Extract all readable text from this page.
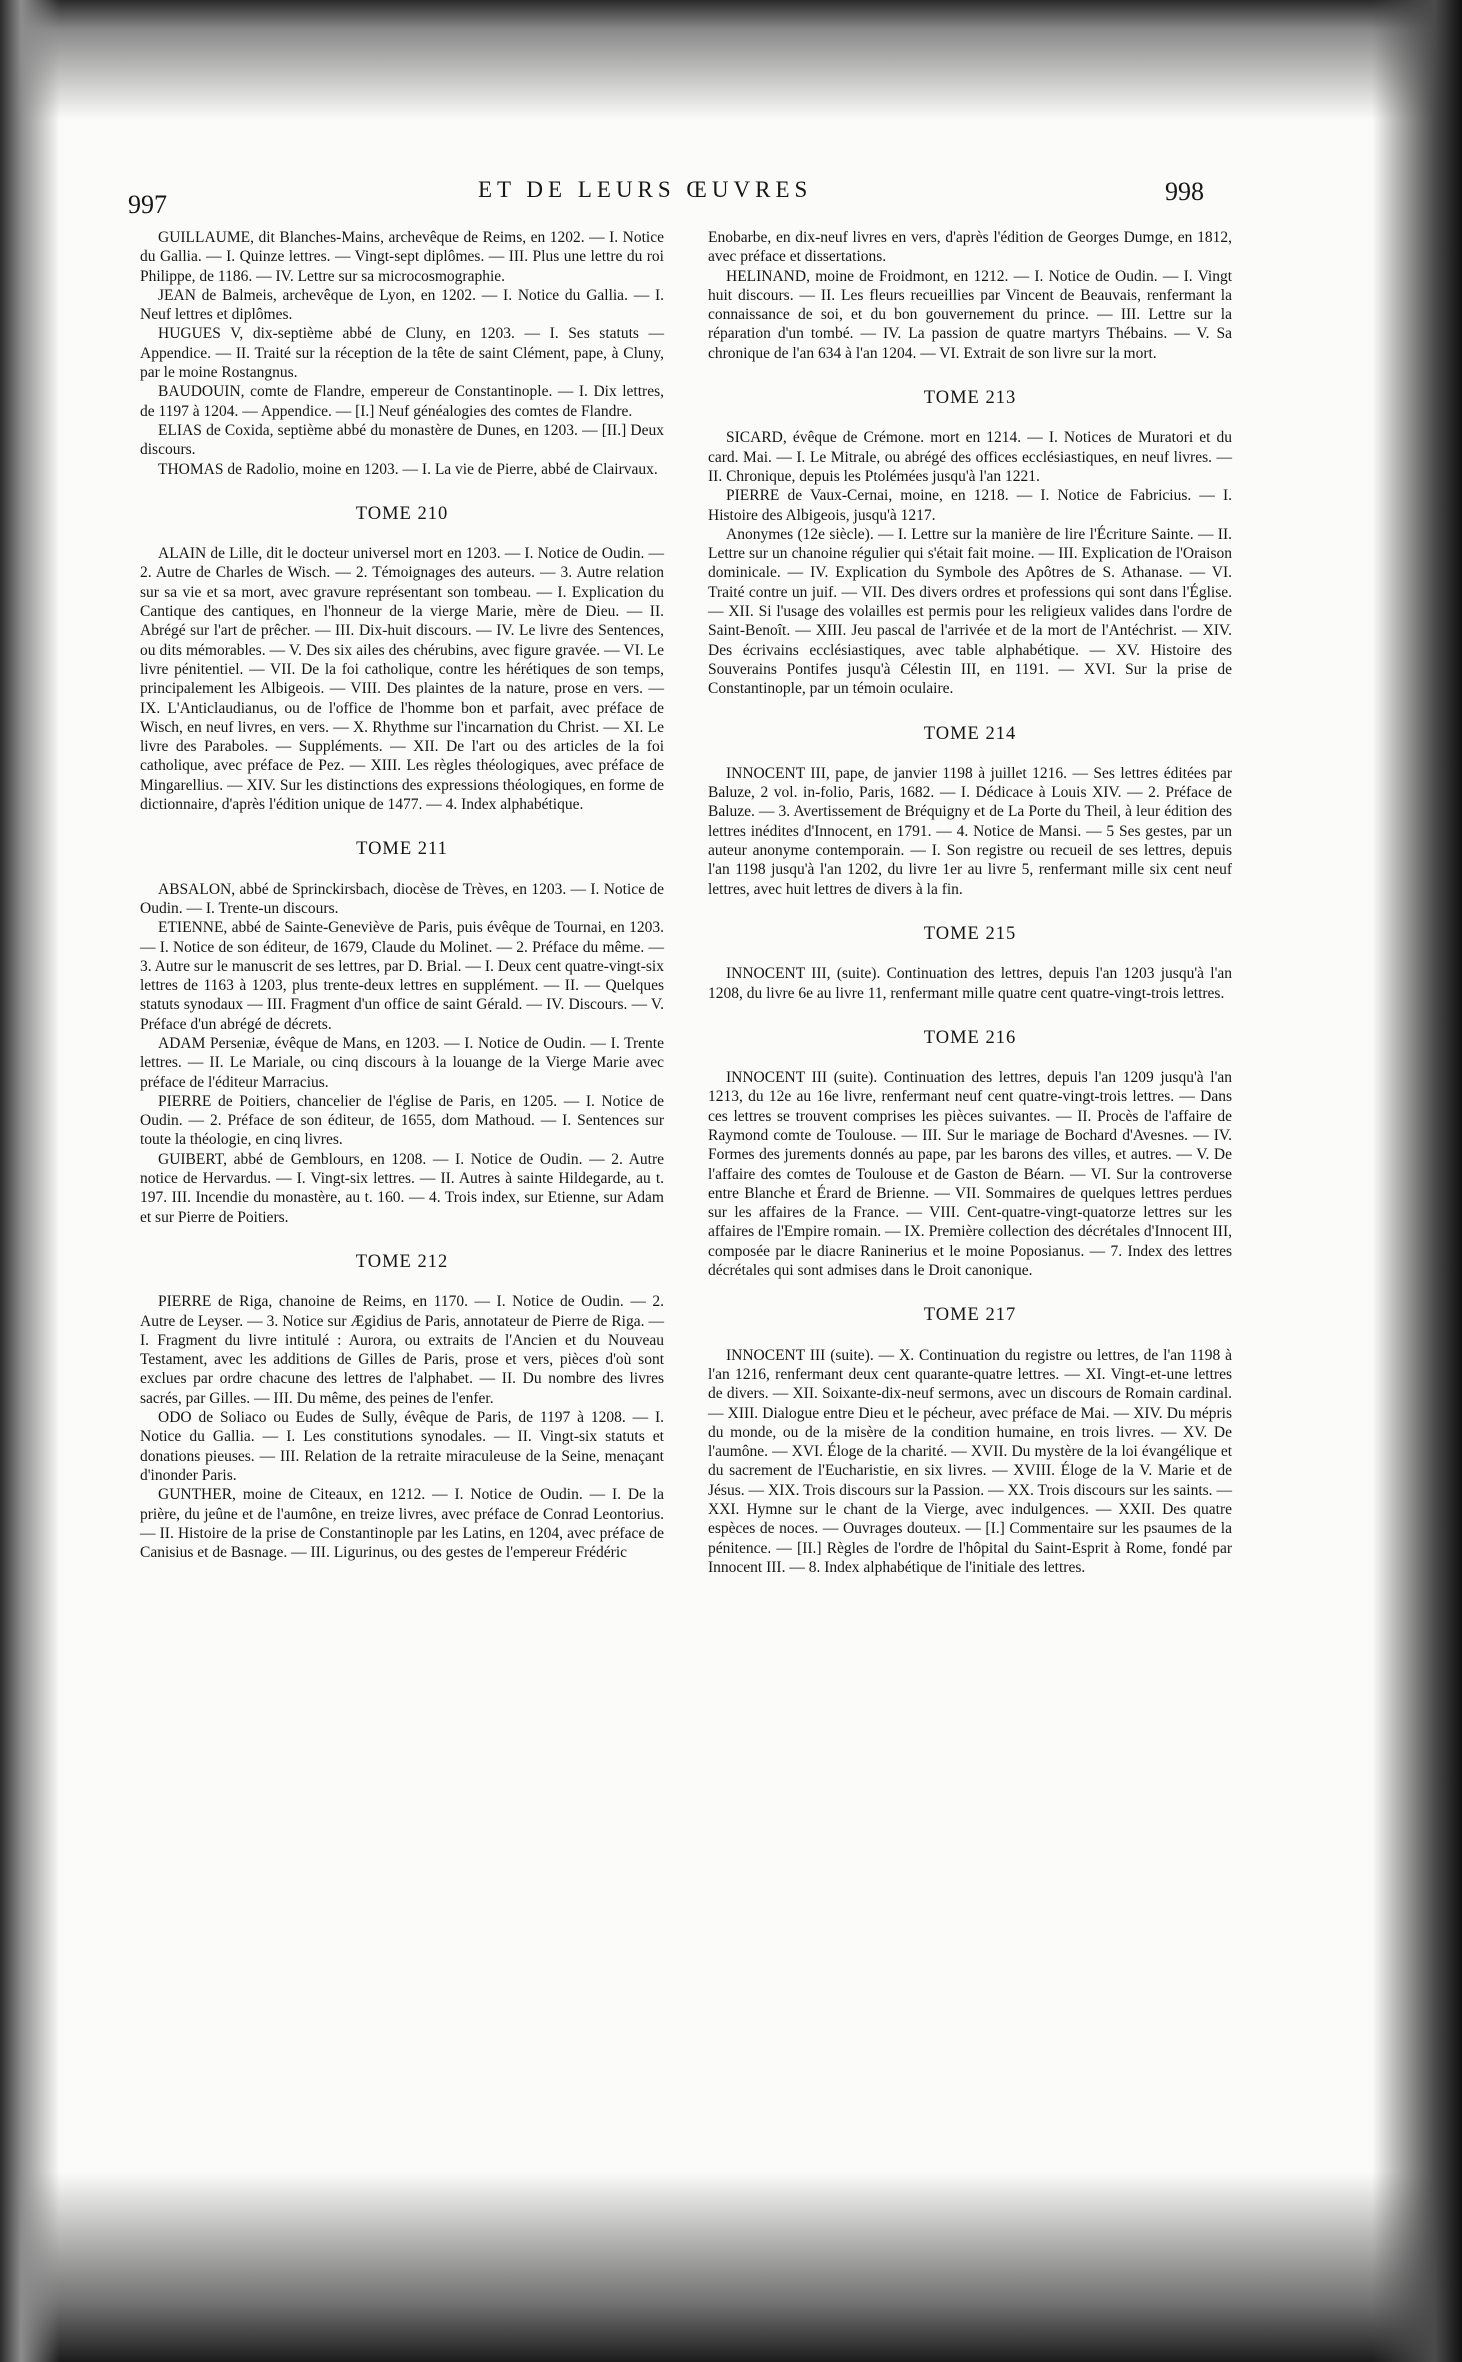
997
ET DE LEURS ŒUVRES	998

GUILLAUME, dit Blanches-Mains, archevêque de Reims, en 1202. — I. Notice du Gallia. — I. Quinze lettres. — Vingt-sept diplômes. — III. Plus une lettre du roi Philippe, de 1186. — IV. Lettre sur sa microcosmographie.

JEAN de Balmeis, archevêque de Lyon, en 1202. — I. Notice du Gallia. — I. Neuf lettres et diplômes.

HUGUES V, dix-septième abbé de Cluny, en 1203. — I. Ses statuts — Appendice. — II. Traité sur la réception de la tête de saint Clément, pape, à Cluny, par le moine Rostangnus.

BAUDOUIN, comte de Flandre, empereur de Constantinople. — I. Dix lettres, de 1197 à 1204. — Appendice. — [I.] Neuf généalogies des comtes de Flandre.

ELIAS de Coxida, septième abbé du monastère de Dunes, en 1203. — [II.] Deux discours.

THOMAS de Radolio, moine en 1203. — I. La vie de Pierre, abbé de Clairvaux.

TOME 210

ALAIN de Lille, dit le docteur universel mort en 1203. — I. Notice de Oudin. — 2. Autre de Charles de Wisch. — 2. Témoignages des auteurs. — 3. Autre relation sur sa vie et sa mort, avec gravure représentant son tombeau. — I. Explication du Cantique des cantiques, en l'honneur de la vierge Marie, mère de Dieu. — II. Abrégé sur l'art de prêcher. — III. Dix-huit discours. — IV. Le livre des Sentences, ou dits mémorables. — V. Des six ailes des chérubins, avec figure gravée. — VI. Le livre pénitentiel. — VII. De la foi catholique, contre les hérétiques de son temps, principalement les Albigeois. — VIII. Des plaintes de la nature, prose en vers. — IX. L'Anticlaudianus, ou de l'office de l'homme bon et parfait, avec préface de Wisch, en neuf livres, en vers. — X. Rhythme sur l'incarnation du Christ. — XI. Le livre des Paraboles. — Suppléments. — XII. De l'art ou des articles de la foi catholique, avec préface de Pez. — XIII. Les règles théologiques, avec préface de Mingarellius. — XIV. Sur les distinctions des expressions théologiques, en forme de dictionnaire, d'après l'édition unique de 1477. — 4. Index alphabétique.

TOME 211

ABSALON, abbé de Sprinckirsbach, diocèse de Trèves, en 1203. — I. Notice de Oudin. — I. Trente-un discours.

ETIENNE, abbé de Sainte-Geneviève de Paris, puis évêque de Tournai, en 1203. — I. Notice de son éditeur, de 1679, Claude du Molinet. — 2. Préface du même. — 3. Autre sur le manuscrit de ses lettres, par D. Brial. — I. Deux cent quatre-vingt-six lettres de 1163 à 1203, plus trente-deux lettres en supplément. — II. — Quelques statuts synodaux — III. Fragment d'un office de saint Gérald. — IV. Discours. — V. Préface d'un abrégé de décrets.

ADAM Perseniæ, évêque de Mans, en 1203. — I. Notice de Oudin. — I. Trente lettres. — II. Le Mariale, ou cinq discours à la louange de la Vierge Marie avec préface de l'éditeur Marracius.

PIERRE de Poitiers, chancelier de l'église de Paris, en 1205. — I. Notice de Oudin. — 2. Préface de son éditeur, de 1655, dom Mathoud. — I. Sentences sur toute la théologie, en cinq livres.

GUIBERT, abbé de Gemblours, en 1208. — I. Notice de Oudin. — 2. Autre notice de Hervardus. — I. Vingt-six lettres. — II. Autres à sainte Hildegarde, au t. 197. III. Incendie du monastère, au t. 160. — 4. Trois index, sur Etienne, sur Adam et sur Pierre de Poitiers.

TOME 212

PIERRE de Riga, chanoine de Reims, en 1170. — I. Notice de Oudin. — 2. Autre de Leyser. — 3. Notice sur Ægidius de Paris, annotateur de Pierre de Riga. — I. Fragment du livre intitulé : Aurora, ou extraits de l'Ancien et du Nouveau Testament, avec les additions de Gilles de Paris, prose et vers, pièces d'où sont exclues par ordre chacune des lettres de l'alphabet. — II. Du nombre des livres sacrés, par Gilles. — III. Du même, des peines de l'enfer.

ODO de Soliaco ou Eudes de Sully, évêque de Paris, de 1197 à 1208. — I. Notice du Gallia. — I. Les constitutions synodales. — II. Vingt-six statuts et donations pieuses. — III. Relation de la retraite miraculeuse de la Seine, menaçant d'inonder Paris.

GUNTHER, moine de Citeaux, en 1212. — I. Notice de Oudin. — I. De la prière, du jeûne et de l'aumône, en treize livres, avec préface de Conrad Leontorius. — II. Histoire de la prise de Constantinople par les Latins, en 1204, avec préface de Canisius et de Basnage. — III. Ligurinus, ou des gestes de l'empereur Frédéric

Enobarbe, en dix-neuf livres en vers, d'après l'édition de Georges Dumge, en 1812, avec préface et dissertations.

HELINAND, moine de Froidmont, en 1212. — I. Notice de Oudin. — I. Vingt huit discours. — II. Les fleurs recueillies par Vincent de Beauvais, renfermant la connaissance de soi, et du bon gouvernement du prince. — III. Lettre sur la réparation d'un tombé. — IV. La passion de quatre martyrs Thébains. — V. Sa chronique de l'an 634 à l'an 1204. — VI. Extrait de son livre sur la mort.

TOME 213

SICARD, évêque de Crémone. mort en 1214. — I. Notices de Muratori et du card. Mai. — I. Le Mitrale, ou abrégé des offices ecclésiastiques, en neuf livres. — II. Chronique, depuis les Ptolémées jusqu'à l'an 1221.

PIERRE de Vaux-Cernai, moine, en 1218. — I. Notice de Fabricius. — I. Histoire des Albigeois, jusqu'à 1217.

Anonymes (12e siècle). — I. Lettre sur la manière de lire l'Écriture Sainte. — II. Lettre sur un chanoine régulier qui s'était fait moine. — III. Explication de l'Oraison dominicale. — IV. Explication du Symbole des Apôtres de S. Athanase. — VI. Traité contre un juif. — VII. Des divers ordres et professions qui sont dans l'Église. — XII. Si l'usage des volailles est permis pour les religieux valides dans l'ordre de Saint-Benoît. — XIII. Jeu pascal de l'arrivée et de la mort de l'Antéchrist. — XIV. Des écrivains ecclésiastiques, avec table alphabétique. — XV. Histoire des Souverains Pontifes jusqu'à Célestin III, en 1191. — XVI. Sur la prise de Constantinople, par un témoin oculaire.

TOME 214

INNOCENT III, pape, de janvier 1198 à juillet 1216. — Ses lettres éditées par Baluze, 2 vol. in-folio, Paris, 1682. — I. Dédicace à Louis XIV. — 2. Préface de Baluze. — 3. Avertissement de Bréquigny et de La Porte du Theil, à leur édition des lettres inédites d'Innocent, en 1791. — 4. Notice de Mansi. — 5 Ses gestes, par un auteur anonyme contemporain. — I. Son registre ou recueil de ses lettres, depuis l'an 1198 jusqu'à l'an 1202, du livre 1er au livre 5, renfermant mille six cent neuf lettres, avec huit lettres de divers à la fin.

TOME 215

INNOCENT III, (suite). Continuation des lettres, depuis l'an 1203 jusqu'à l'an 1208, du livre 6e au livre 11, renfermant mille quatre cent quatre-vingt-trois lettres.

TOME 216

INNOCENT III (suite). Continuation des lettres, depuis l'an 1209 jusqu'à l'an 1213, du 12e au 16e livre, renfermant neuf cent quatre-vingt-trois lettres. — Dans ces lettres se trouvent comprises les pièces suivantes. — II. Procès de l'affaire de Raymond comte de Toulouse. — III. Sur le mariage de Bochard d'Avesnes. — IV. Formes des jurements donnés au pape, par les barons des villes, et autres. — V. De l'affaire des comtes de Toulouse et de Gaston de Béarn. — VI. Sur la controverse entre Blanche et Érard de Brienne. — VII. Sommaires de quelques lettres perdues sur les affaires de la France. — VIII. Cent-quatre-vingt-quatorze lettres sur les affaires de l'Empire romain. — IX. Première collection des décrétales d'Innocent III, composée par le diacre Raninerius et le moine Poposianus. — 7. Index des lettres décrétales qui sont admises dans le Droit canonique.

TOME 217

INNOCENT III (suite). — X. Continuation du registre ou lettres, de l'an 1198 à l'an 1216, renfermant deux cent quarante-quatre lettres. — XI. Vingt-et-une lettres de divers. — XII. Soixante-dix-neuf sermons, avec un discours de Romain cardinal. — XIII. Dialogue entre Dieu et le pécheur, avec préface de Mai. — XIV. Du mépris du monde, ou de la misère de la condition humaine, en trois livres. — XV. De l'aumône. — XVI. Éloge de la charité. — XVII. Du mystère de la loi évangélique et du sacrement de l'Eucharistie, en six livres. — XVIII. Éloge de la V. Marie et de Jésus. — XIX. Trois discours sur la Passion. — XX. Trois discours sur les saints. — XXI. Hymne sur le chant de la Vierge, avec indulgences. — XXII. Des quatre espèces de noces. — Ouvrages douteux. — [I.] Commentaire sur les psaumes de la pénitence. — [II.] Règles de l'ordre de l'hôpital du Saint-Esprit à Rome, fondé par Innocent III. — 8. Index alphabétique de l'initiale des lettres.
